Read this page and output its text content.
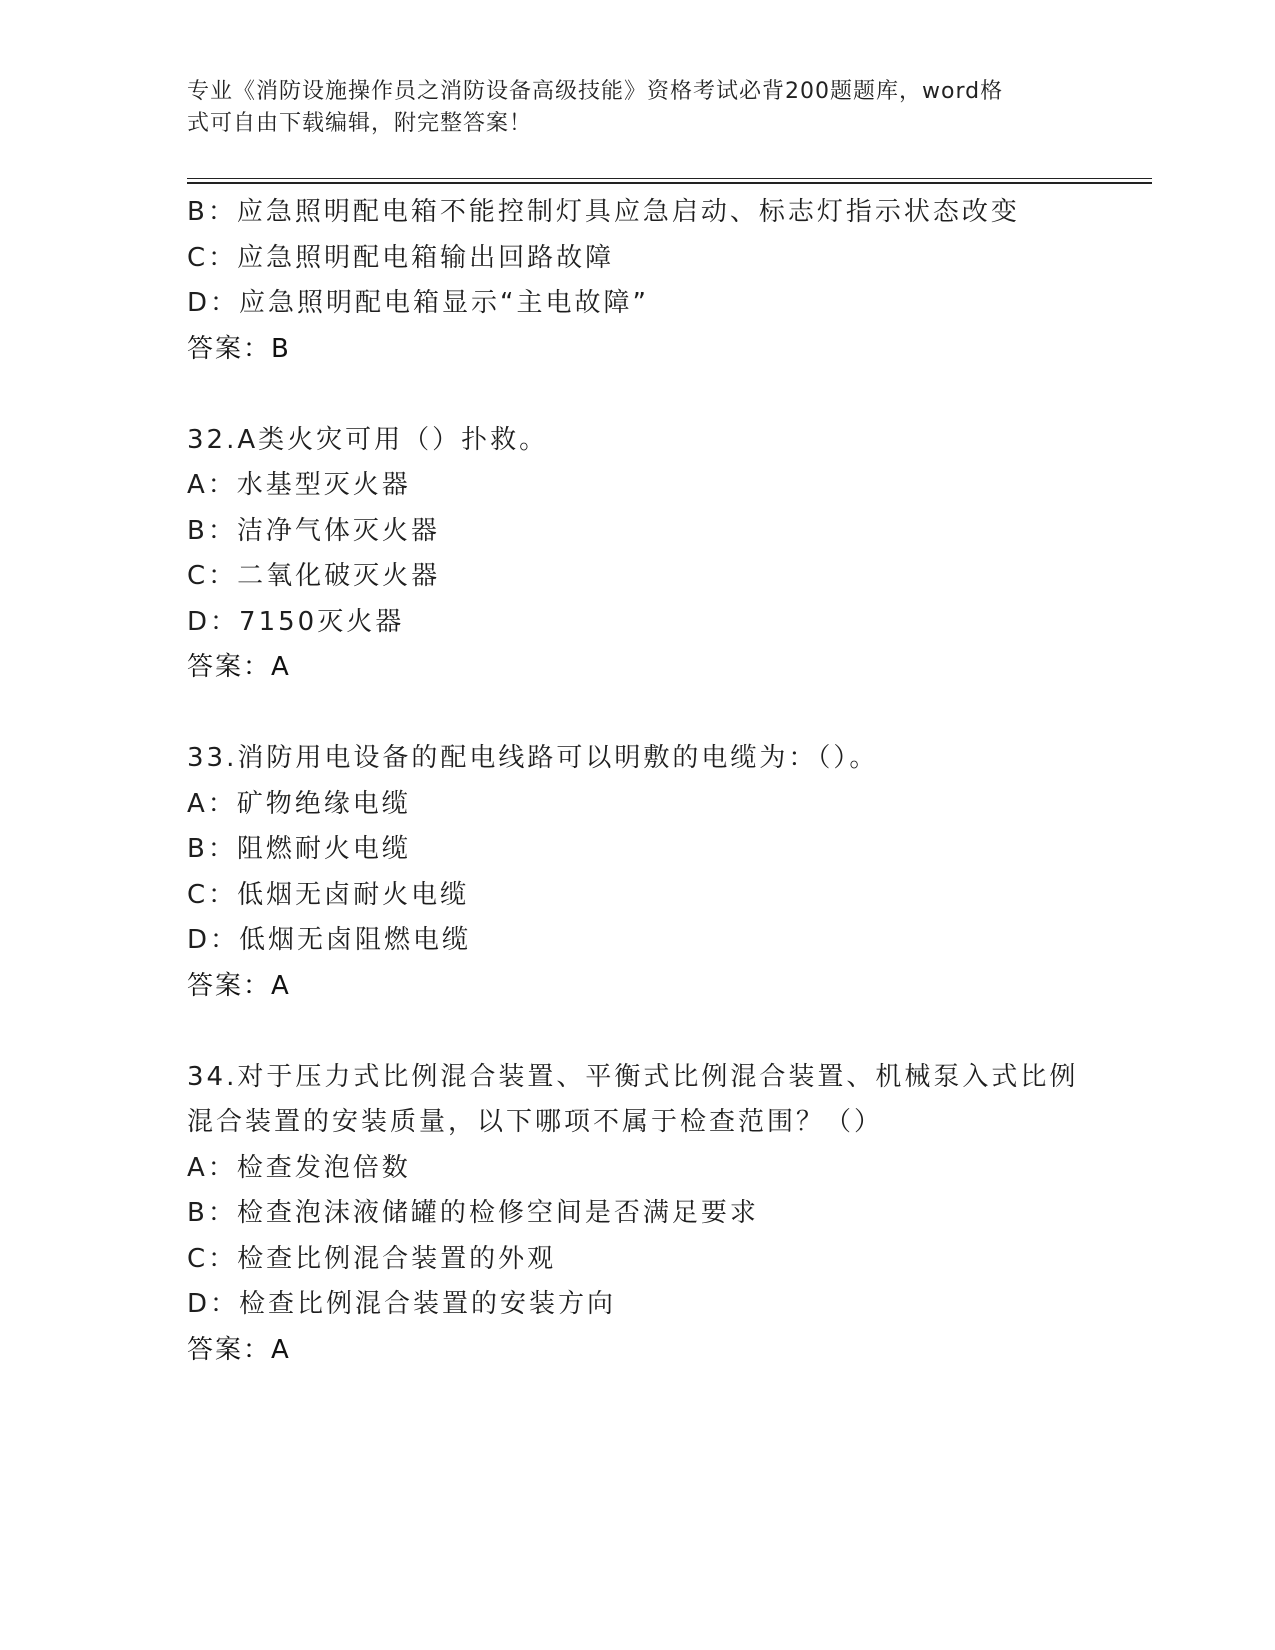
专业《消防设施操作员之消防设备高级技能》资格考试必背200题题库，word格
式可自由下载编辑，附完整答案！
B：应急照明配电箱不能控制灯具应急启动、标志灯指示状态改变
C：应急照明配电箱输出回路故障
D：应急照明配电箱显示“主电故障”
答案：B
32.A类火灾可用（）扑救。
A：水基型灭火器
B：洁净气体灭火器
C：二氧化破灭火器
D：7150灭火器
答案：A
33.消防用电设备的配电线路可以明敷的电缆为：（）。
A：矿物绝缘电缆
B：阻燃耐火电缆
C：低烟无卤耐火电缆
D：低烟无卤阻燃电缆
答案：A
34.对于压力式比例混合装置、平衡式比例混合装置、机械泵入式比例
混合装置的安装质量，以下哪项不属于检查范围？（）
A：检查发泡倍数
B：检查泡沫液储罐的检修空间是否满足要求
C：检查比例混合装置的外观
D：检查比例混合装置的安装方向
答案：A
